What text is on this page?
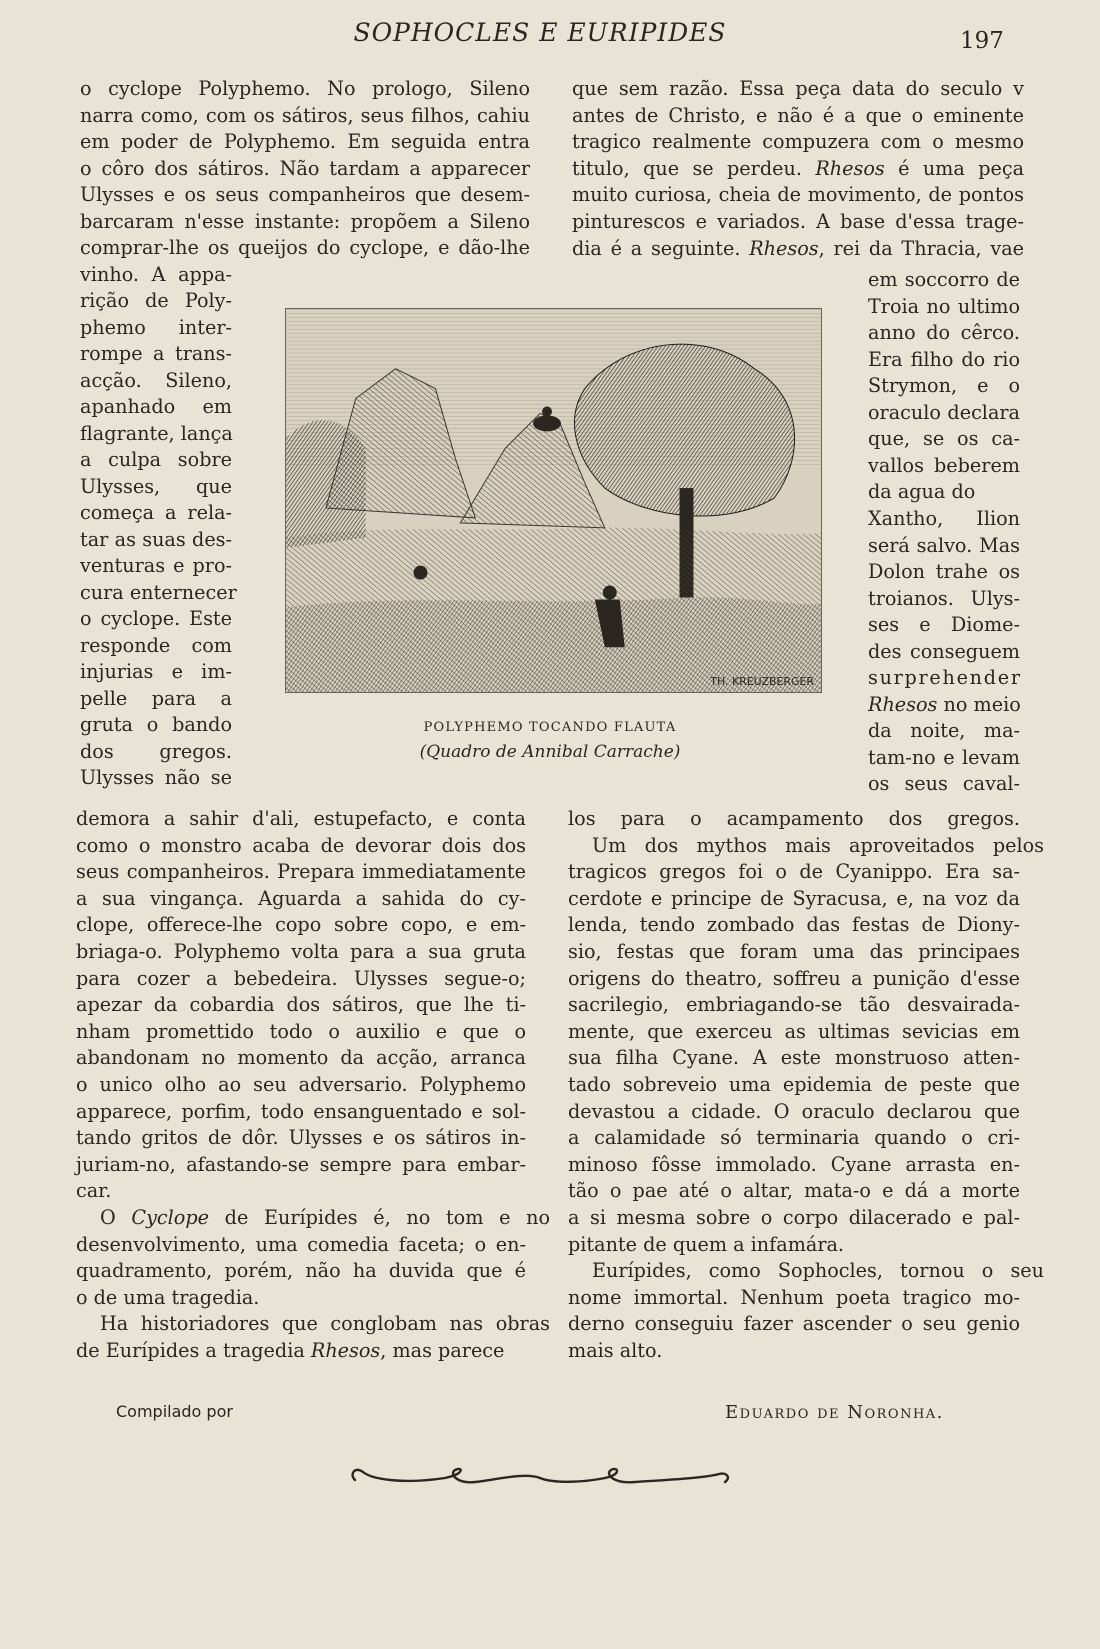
SOPHOCLES E EURIPIDES	197
o cyclope Polyphemo. No prologo, Sileno
narra como, com os sátiros, seus filhos, cahiu
em poder de Polyphemo. Em seguida entra
o côro dos sátiros. Não tardam a apparecer
Ulysses e os seus companheiros que desem-
barcaram n'esse instante: propõem a Sileno
comprar-lhe os queijos do cyclope, e dão-lhe
vinho. A appa-
rição de Poly-
phemo inter-
rompe a trans-
acção. Sileno,
apanhado em
flagrante, lança
a culpa sobre
Ulysses, que
começa a rela-
tar as suas des-
venturas e pro-
cura enternecer
o cyclope. Este
responde com
injurias e im-
pelle para a
gruta o bando
dos gregos.
Ulysses não se
demora a sahir d'ali, estupefacto, e conta
como o monstro acaba de devorar dois dos
seus companheiros. Prepara immediatamente
a sua vingança. Aguarda a sahida do cy-
clope, offerece-lhe copo sobre copo, e em-
briaga-o. Polyphemo volta para a sua gruta
para cozer a bebedeira. Ulysses segue-o;
apezar da cobardia dos sátiros, que lhe ti-
nham promettido todo o auxilio e que o
abandonam no momento da acção, arranca
o unico olho ao seu adversario. Polyphemo
apparece, porfim, todo ensanguentado e sol-
tando gritos de dôr. Ulysses e os sátiros in-
juriam-no, afastando-se sempre para embar-
car.
O Cyclope de Eurípides é, no tom e no
desenvolvimento, uma comedia faceta; o en-
quadramento, porém, não ha duvida que é
o de uma tragedia.
Ha historiadores que conglobam nas obras
de Eurípides a tragedia Rhesos, mas parece
que sem razão. Essa peça data do seculo v
antes de Christo, e não é a que o eminente
tragico realmente compuzera com o mesmo
titulo, que se perdeu. Rhesos é uma peça
muito curiosa, cheia de movimento, de pontos
pinturescos e variados. A base d'essa trage-
dia é a seguinte. Rhesos, rei da Thracia, vae
em soccorro de
Troia no ultimo
anno do cêrco.
Era filho do rio
Strymon, e o
oraculo declara
que, se os ca-
vallos beberem
da agua do
Xantho, Ilion
será salvo. Mas
Dolon trahe os
troianos. Ulys-
ses e Diome-
des conseguem
surprehender
Rhesos no meio
da noite, ma-
tam-no e levam
os seus caval-
los para o acampamento dos gregos.
Um dos mythos mais aproveitados pelos
tragicos gregos foi o de Cyanippo. Era sa-
cerdote e principe de Syracusa, e, na voz da
lenda, tendo zombado das festas de Diony-
sio, festas que foram uma das principaes
origens do theatro, soffreu a punição d'esse
sacrilegio, embriagando-se tão desvairada-
mente, que exerceu as ultimas sevicias em
sua filha Cyane. A este monstruoso atten-
tado sobreveio uma epidemia de peste que
devastou a cidade. O oraculo declarou que
a calamidade só terminaria quando o cri-
minoso fôsse immolado. Cyane arrasta en-
tão o pae até o altar, mata-o e dá a morte
a si mesma sobre o corpo dilacerado e pal-
pitante de quem a infamára.
Eurípides, como Sophocles, tornou o seu
nome immortal. Nenhum poeta tragico mo-
derno conseguiu fazer ascender o seu genio
mais alto.
TH. KREUZBERGER
POLYPHEMO TOCANDO FLAUTA
(Quadro de Annibal Carrache)
Compilado por	Eduardo de Noronha.
